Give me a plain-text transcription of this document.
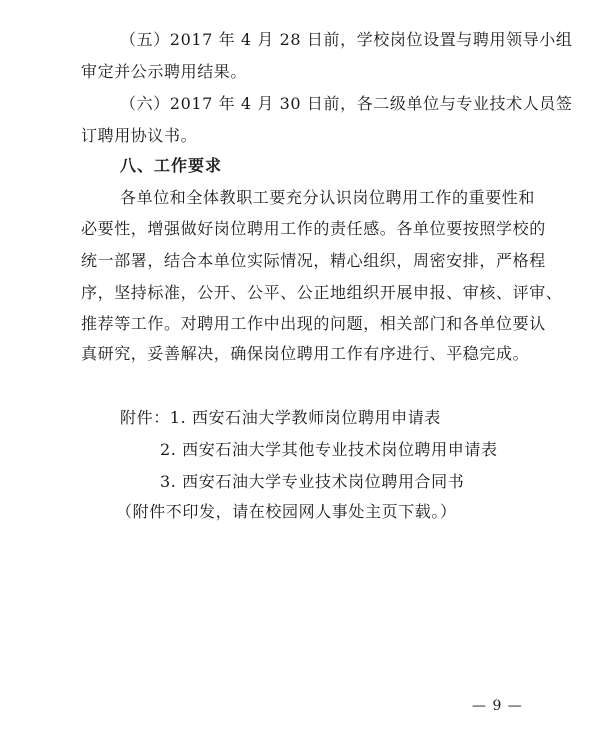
（五）2017 年 4 月 28 日前，学校岗位设置与聘用领导小组
审定并公示聘用结果。
（六）2017 年 4 月 30 日前，各二级单位与专业技术人员签
订聘用协议书。
八、工作要求
各单位和全体教职工要充分认识岗位聘用工作的重要性和
必要性，增强做好岗位聘用工作的责任感。各单位要按照学校的
统一部署，结合本单位实际情况，精心组织，周密安排，严格程
序，坚持标准，公开、公平、公正地组织开展申报、审核、评审、
推荐等工作。对聘用工作中出现的问题，相关部门和各单位要认
真研究，妥善解决，确保岗位聘用工作有序进行、平稳完成。
附件：1. 西安石油大学教师岗位聘用申请表
2. 西安石油大学其他专业技术岗位聘用申请表
3. 西安石油大学专业技术岗位聘用合同书
（附件不印发，请在校园网人事处主页下载。）
— 9 —
